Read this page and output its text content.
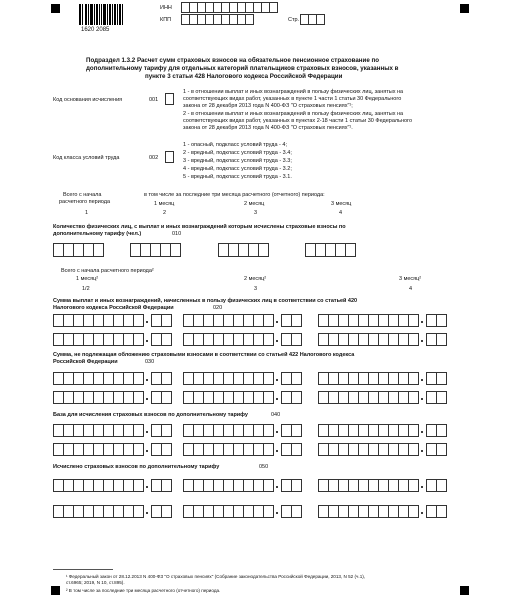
1620 2085
ИНН
КПП	Стр.
Подраздел 1.3.2 Расчет сумм страховых взносов на обязательное пенсионное страхование по
дополнительному тарифу для отдельных категорий плательщиков страховых взносов, указанных в
пункте 3 статьи 428 Налогового кодекса Российской Федерации
Код основания исчисления	001
1 - в отношении выплат и иных вознаграждений в пользу физических лиц, занятых на
соответствующих видах работ, указанных в пункте 1 части 1 статьи 30 Федерального
закона от 28 декабря 2013 года N 400-ФЗ "О страховых пенсиях"¹;
2 - в отношении выплат и иных вознаграждений в пользу физических лиц, занятых на
соответствующих видах работ, указанных в пунктах 2-18 части 1 статьи 30 Федерального
закона от 28 декабря 2013 года N 400-ФЗ "О страховых пенсиях"¹.
Код класса условий труда	002
1 - опасный, подкласс условий труда - 4;
2 - вредный, подкласс условий труда - 3.4;
3 - вредный, подкласс условий труда - 3.3;
4 - вредный, подкласс условий труда - 3.2;
5 - вредный, подкласс условий труда - 3.1.
Всего с начала
расчетного периода
в том числе за последние три месяца расчетного (отчетного) периода:
1 месяц	2 месяц	3 месяц
1	2	3	4
Количество физических лиц, с выплат и иных вознаграждений которым исчислены страховые взносы по
дополнительному тарифу (чел.)	010
Всего с начала расчетного периода²
1 месяц²	2 месяц²	3 месяц²
1/2	3	4
Сумма выплат и иных вознаграждений, начисленных в пользу физических лиц в соответствии со статьей 420
Налогового кодекса Российской Федерации	020
Сумма, не подлежащая обложению страховыми взносами в соответствии со статьей 422 Налогового кодекса
Российской Федерации	030
База для исчисления страховых взносов по дополнительному тарифу	040
Исчислено страховых взносов по дополнительному тарифу	050
¹ Федеральный закон от 28.12.2013 N 400-ФЗ "О страховых пенсиях" (Собрание законодательства Российской Федерации, 2013, N 52 (ч.1),
ст.6965; 2019, N 10, ст.895).
² В том числе за последние три месяца расчетного (отчетного) периода.
